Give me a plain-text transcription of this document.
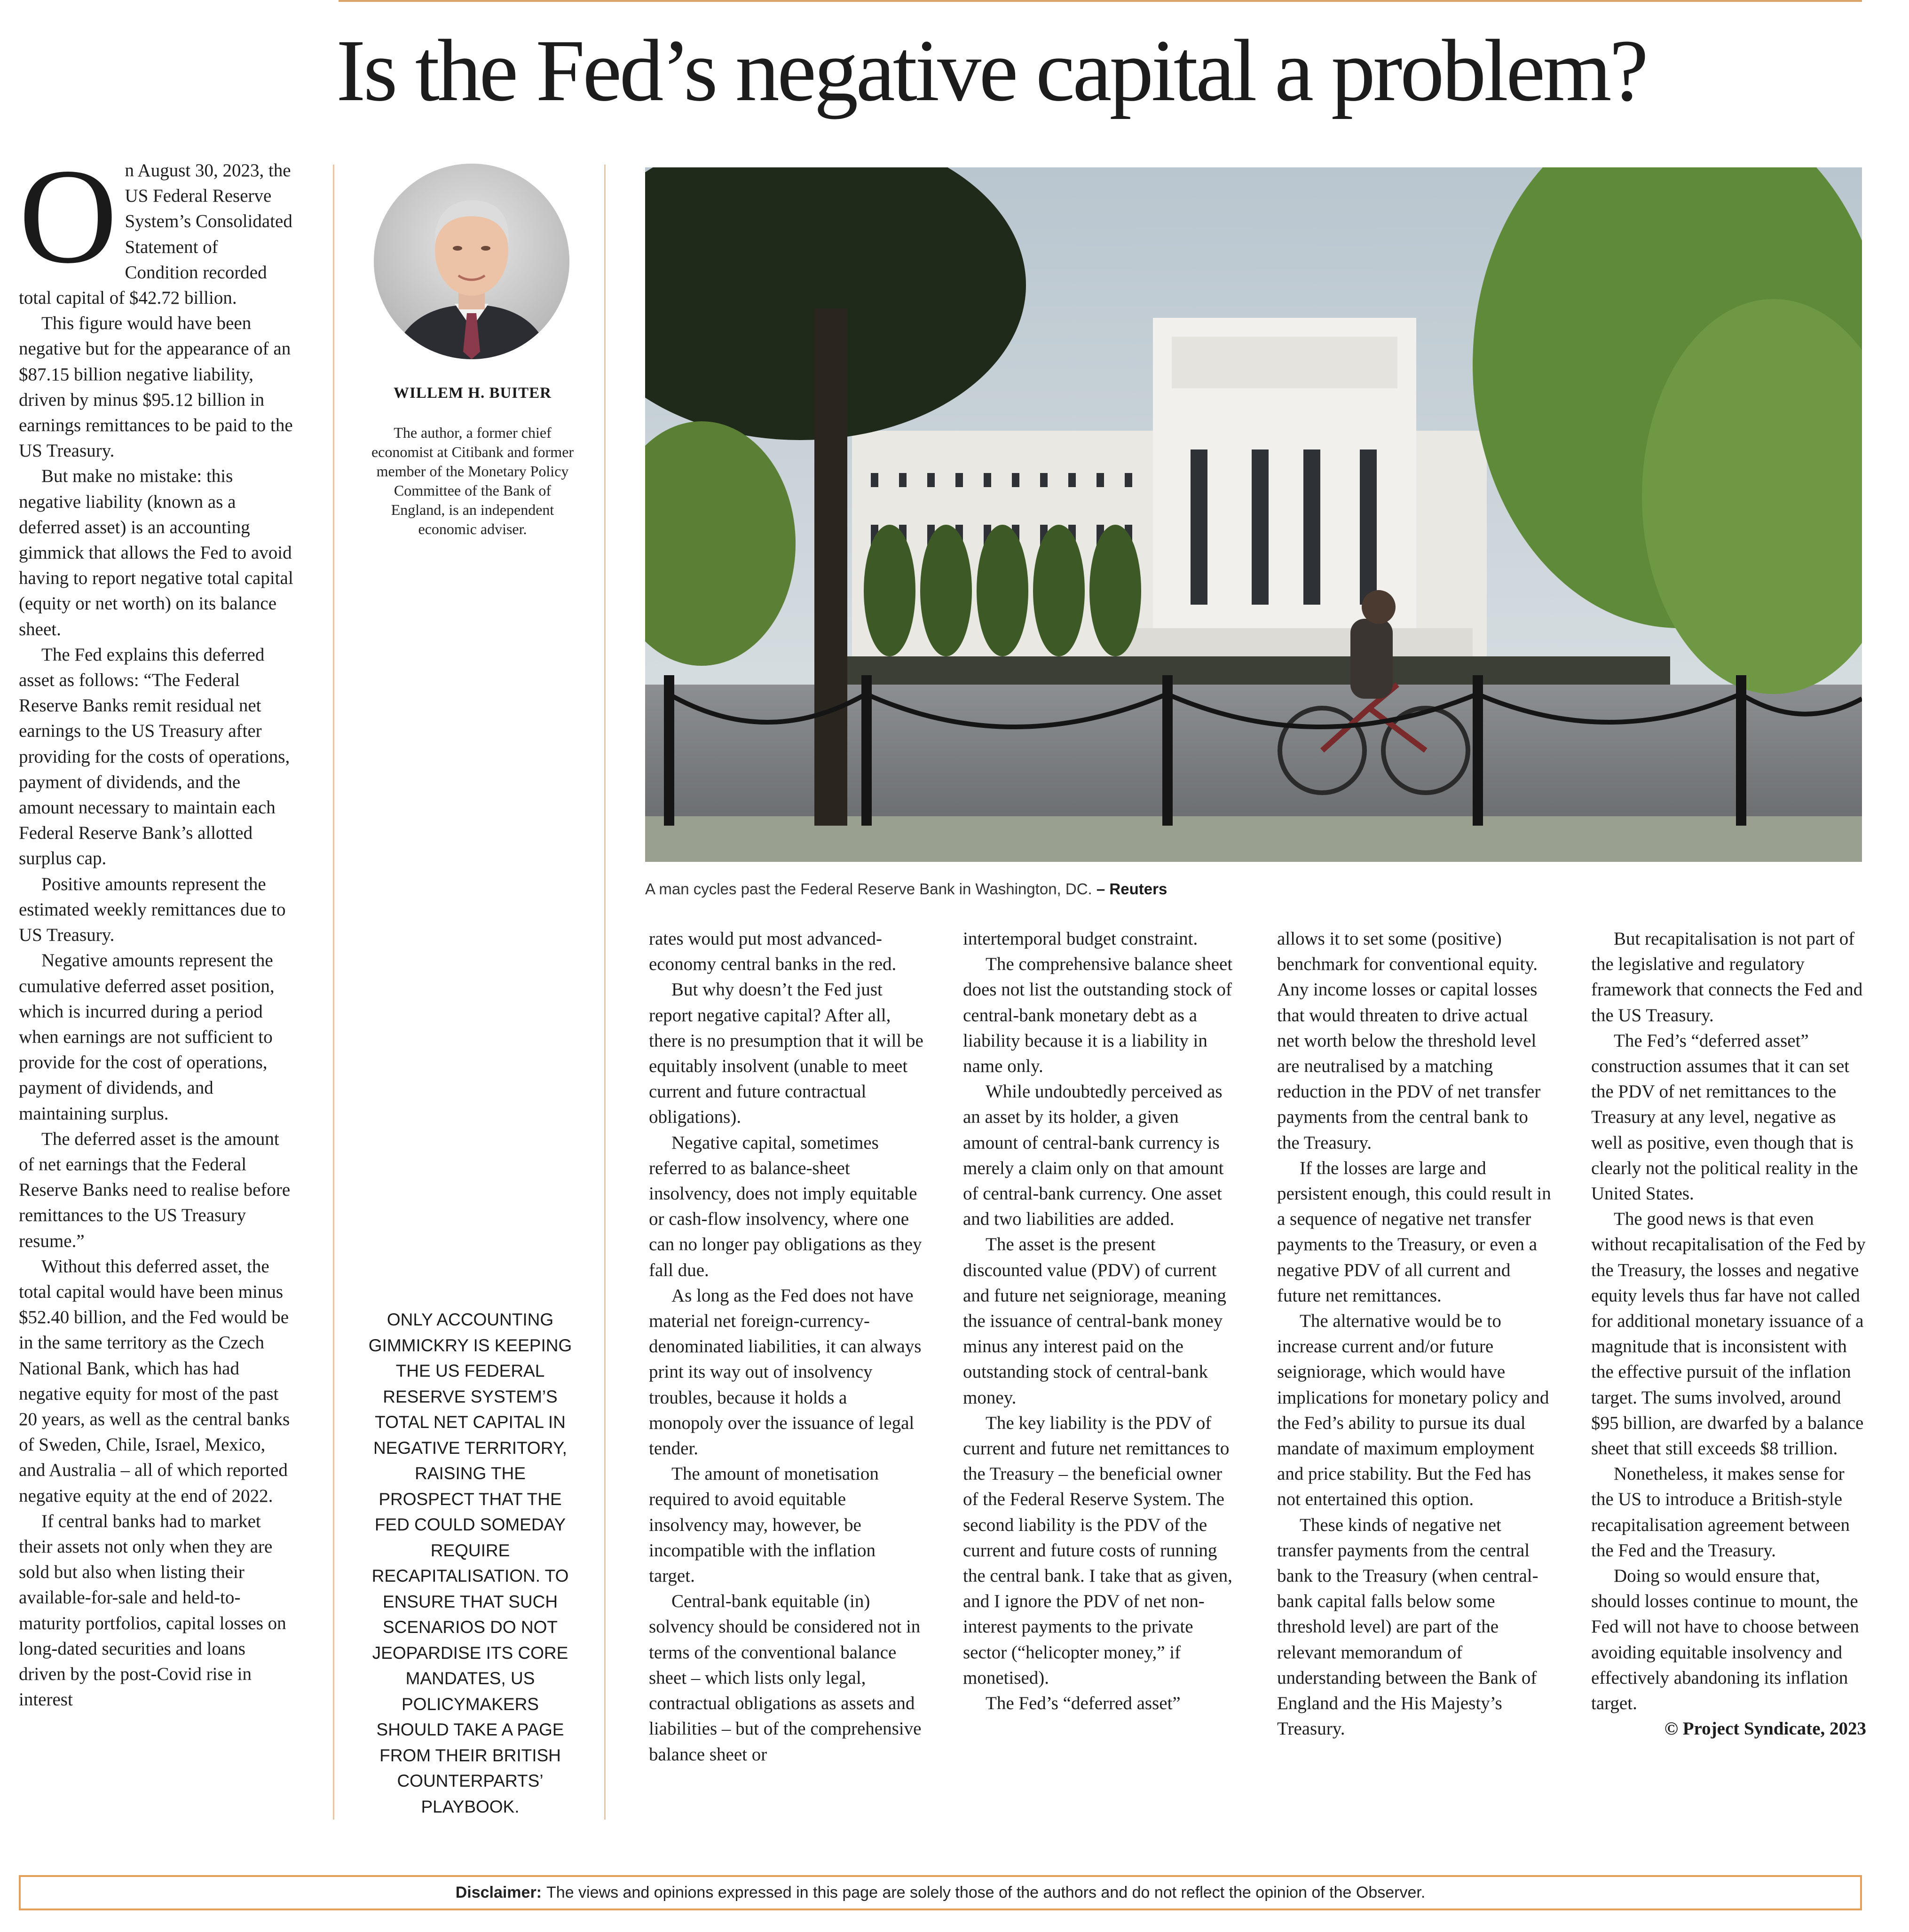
Is the Fed’s negative capital a problem?

On August 30, 2023, the US Federal Reserve System’s Consolidated Statement of Condition recorded total capital of $42.72 billion.

This figure would have been negative but for the appearance of an $87.15 billion negative liability, driven by minus $95.12 billion in earnings remittances to be paid to the US Treasury.

But make no mistake: this negative liability (known as a deferred asset) is an accounting gimmick that allows the Fed to avoid having to report negative total capital (equity or net worth) on its balance sheet.

The Fed explains this deferred asset as follows: “The Federal Reserve Banks remit residual net earnings to the US Treasury after providing for the costs of operations, payment of dividends, and the amount necessary to maintain each Federal Reserve Bank’s allotted surplus cap.

Positive amounts represent the estimated weekly remittances due to US Treasury.

Negative amounts represent the cumulative deferred asset position, which is incurred during a period when earnings are not sufficient to provide for the cost of operations, payment of dividends, and maintaining surplus.

The deferred asset is the amount of net earnings that the Federal Reserve Banks need to realise before remittances to the US Treasury resume.”

Without this deferred asset, the total capital would have been minus $52.40 billion, and the Fed would be in the same territory as the Czech National Bank, which has had negative equity for most of the past 20 years, as well as the central banks of Sweden, Chile, Israel, Mexico, and Australia – all of which reported negative equity at the end of 2022.

If central banks had to market their assets not only when they are sold but also when listing their available-for-sale and held-to-maturity portfolios, capital losses on long-dated securities and loans driven by the post-Covid rise in interest

WILLEM H. BUITER
The author, a former chief economist at Citibank and former member of the Monetary Policy Committee of the Bank of England, is an independent economic adviser.
ONLY ACCOUNTING GIMMICKRY IS KEEPING THE US FEDERAL RESERVE SYSTEM’S TOTAL NET CAPITAL IN NEGATIVE TERRITORY, RAISING THE PROSPECT THAT THE FED COULD SOMEDAY REQUIRE RECAPITALISATION. TO ENSURE THAT SUCH SCENARIOS DO NOT JEOPARDISE ITS CORE MANDATES, US POLICYMAKERS SHOULD TAKE A PAGE FROM THEIR BRITISH COUNTERPARTS’ PLAYBOOK.
A man cycles past the Federal Reserve Bank in Washington, DC. – Reuters

rates would put most advanced-economy central banks in the red.

But why doesn’t the Fed just report negative capital? After all, there is no presumption that it will be equitably insolvent (unable to meet current and future contractual obligations).

Negative capital, sometimes referred to as balance-sheet insolvency, does not imply equitable or cash-flow insolvency, where one can no longer pay obligations as they fall due.

As long as the Fed does not have material net foreign-currency-denominated liabilities, it can always print its way out of insolvency troubles, because it holds a monopoly over the issuance of legal tender.

The amount of monetisation required to avoid equitable insolvency may, however, be incompatible with the inflation target.

Central-bank equitable (in) solvency should be considered not in terms of the conventional balance sheet – which lists only legal, contractual obligations as assets and liabilities – but of the comprehensive balance sheet or

intertemporal budget constraint.

The comprehensive balance sheet does not list the outstanding stock of central-bank monetary debt as a liability because it is a liability in name only.

While undoubtedly perceived as an asset by its holder, a given amount of central-bank currency is merely a claim only on that amount of central-bank currency. One asset and two liabilities are added.

The asset is the present discounted value (PDV) of current and future net seigniorage, meaning the issuance of central-bank money minus any interest paid on the outstanding stock of central-bank money.

The key liability is the PDV of current and future net remittances to the Treasury – the beneficial owner of the Federal Reserve System. The second liability is the PDV of the current and future costs of running the central bank. I take that as given, and I ignore the PDV of net non-interest payments to the private sector (“helicopter money,” if monetised).

The Fed’s “deferred asset”

allows it to set some (positive) benchmark for conventional equity. Any income losses or capital losses that would threaten to drive actual net worth below the threshold level are neutralised by a matching reduction in the PDV of net transfer payments from the central bank to the Treasury.

If the losses are large and persistent enough, this could result in a sequence of negative net transfer payments to the Treasury, or even a negative PDV of all current and future net remittances.

The alternative would be to increase current and/or future seigniorage, which would have implications for monetary policy and the Fed’s ability to pursue its dual mandate of maximum employment and price stability. But the Fed has not entertained this option.

These kinds of negative net transfer payments from the central bank to the Treasury (when central-bank capital falls below some threshold level) are part of the relevant memorandum of understanding between the Bank of England and the His Majesty’s Treasury.

But recapitalisation is not part of the legislative and regulatory framework that connects the Fed and the US Treasury.

The Fed’s “deferred asset” construction assumes that it can set the PDV of net remittances to the Treasury at any level, negative as well as positive, even though that is clearly not the political reality in the United States.

The good news is that even without recapitalisation of the Fed by the Treasury, the losses and negative equity levels thus far have not called for additional monetary issuance of a magnitude that is inconsistent with the effective pursuit of the inflation target. The sums involved, around $95 billion, are dwarfed by a balance sheet that still exceeds $8 trillion.

Nonetheless, it makes sense for the US to introduce a British-style recapitalisation agreement between the Fed and the Treasury.

Doing so would ensure that, should losses continue to mount, the Fed will not have to choose between avoiding equitable insolvency and effectively abandoning its inflation target.

© Project Syndicate, 2023

Disclaimer: The views and opinions expressed in this page are solely those of the authors and do not reflect the opinion of the Observer.
